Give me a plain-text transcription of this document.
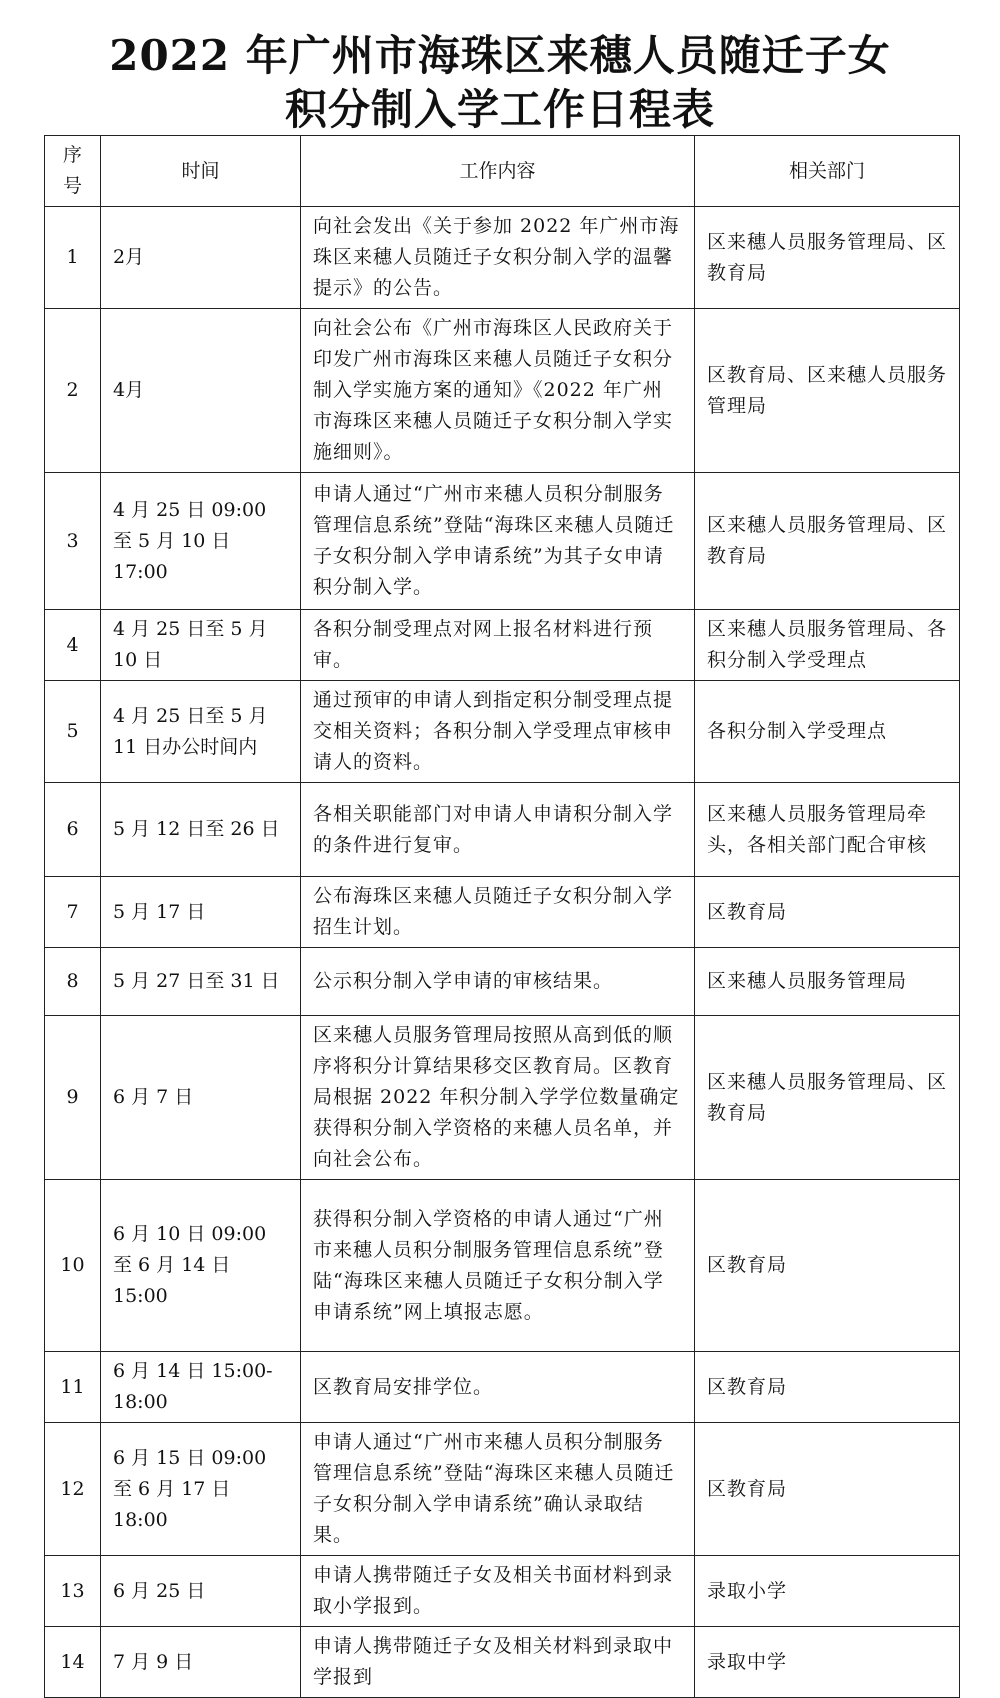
2022 年广州市海珠区来穗人员随迁子女
积分制入学工作日程表
序号	时间	工作内容	相关部门
1	2月	向社会发出《关于参加 2022 年广州市海珠区来穗人员随迁子女积分制入学的温馨提示》的公告。	区来穗人员服务管理局、区教育局
2	4月	向社会公布《广州市海珠区人民政府关于印发广州市海珠区来穗人员随迁子女积分制入学实施方案的通知》《2022 年广州市海珠区来穗人员随迁子女积分制入学实施细则》。	区教育局、区来穗人员服务管理局
3	4 月 25 日 09:00 至 5 月 10 日 17:00	申请人通过“广州市来穗人员积分制服务管理信息系统”登陆“海珠区来穗人员随迁子女积分制入学申请系统”为其子女申请积分制入学。	区来穗人员服务管理局、区教育局
4	4 月 25 日至 5 月 10 日	各积分制受理点对网上报名材料进行预审。	区来穗人员服务管理局、各积分制入学受理点
5	4 月 25 日至 5 月 11 日办公时间内	通过预审的申请人到指定积分制受理点提交相关资料；各积分制入学受理点审核申请人的资料。	各积分制入学受理点
6	5 月 12 日至 26 日	各相关职能部门对申请人申请积分制入学的条件进行复审。	区来穗人员服务管理局牵头，各相关部门配合审核
7	5 月 17 日	公布海珠区来穗人员随迁子女积分制入学招生计划。	区教育局
8	5 月 27 日至 31 日	公示积分制入学申请的审核结果。	区来穗人员服务管理局
9	6 月 7 日	区来穗人员服务管理局按照从高到低的顺序将积分计算结果移交区教育局。区教育局根据 2022 年积分制入学学位数量确定获得积分制入学资格的来穗人员名单，并向社会公布。	区来穗人员服务管理局、区教育局
10	6 月 10 日 09:00 至 6 月 14 日 15:00	获得积分制入学资格的申请人通过“广州市来穗人员积分制服务管理信息系统”登陆“海珠区来穗人员随迁子女积分制入学申请系统”网上填报志愿。	区教育局
11	6 月 14 日 15:00-18:00	区教育局安排学位。	区教育局
12	6 月 15 日 09:00 至 6 月 17 日 18:00	申请人通过“广州市来穗人员积分制服务管理信息系统”登陆“海珠区来穗人员随迁子女积分制入学申请系统”确认录取结果。	区教育局
13	6 月 25 日	申请人携带随迁子女及相关书面材料到录取小学报到。	录取小学
14	7 月 9 日	申请人携带随迁子女及相关材料到录取中学报到	录取中学
